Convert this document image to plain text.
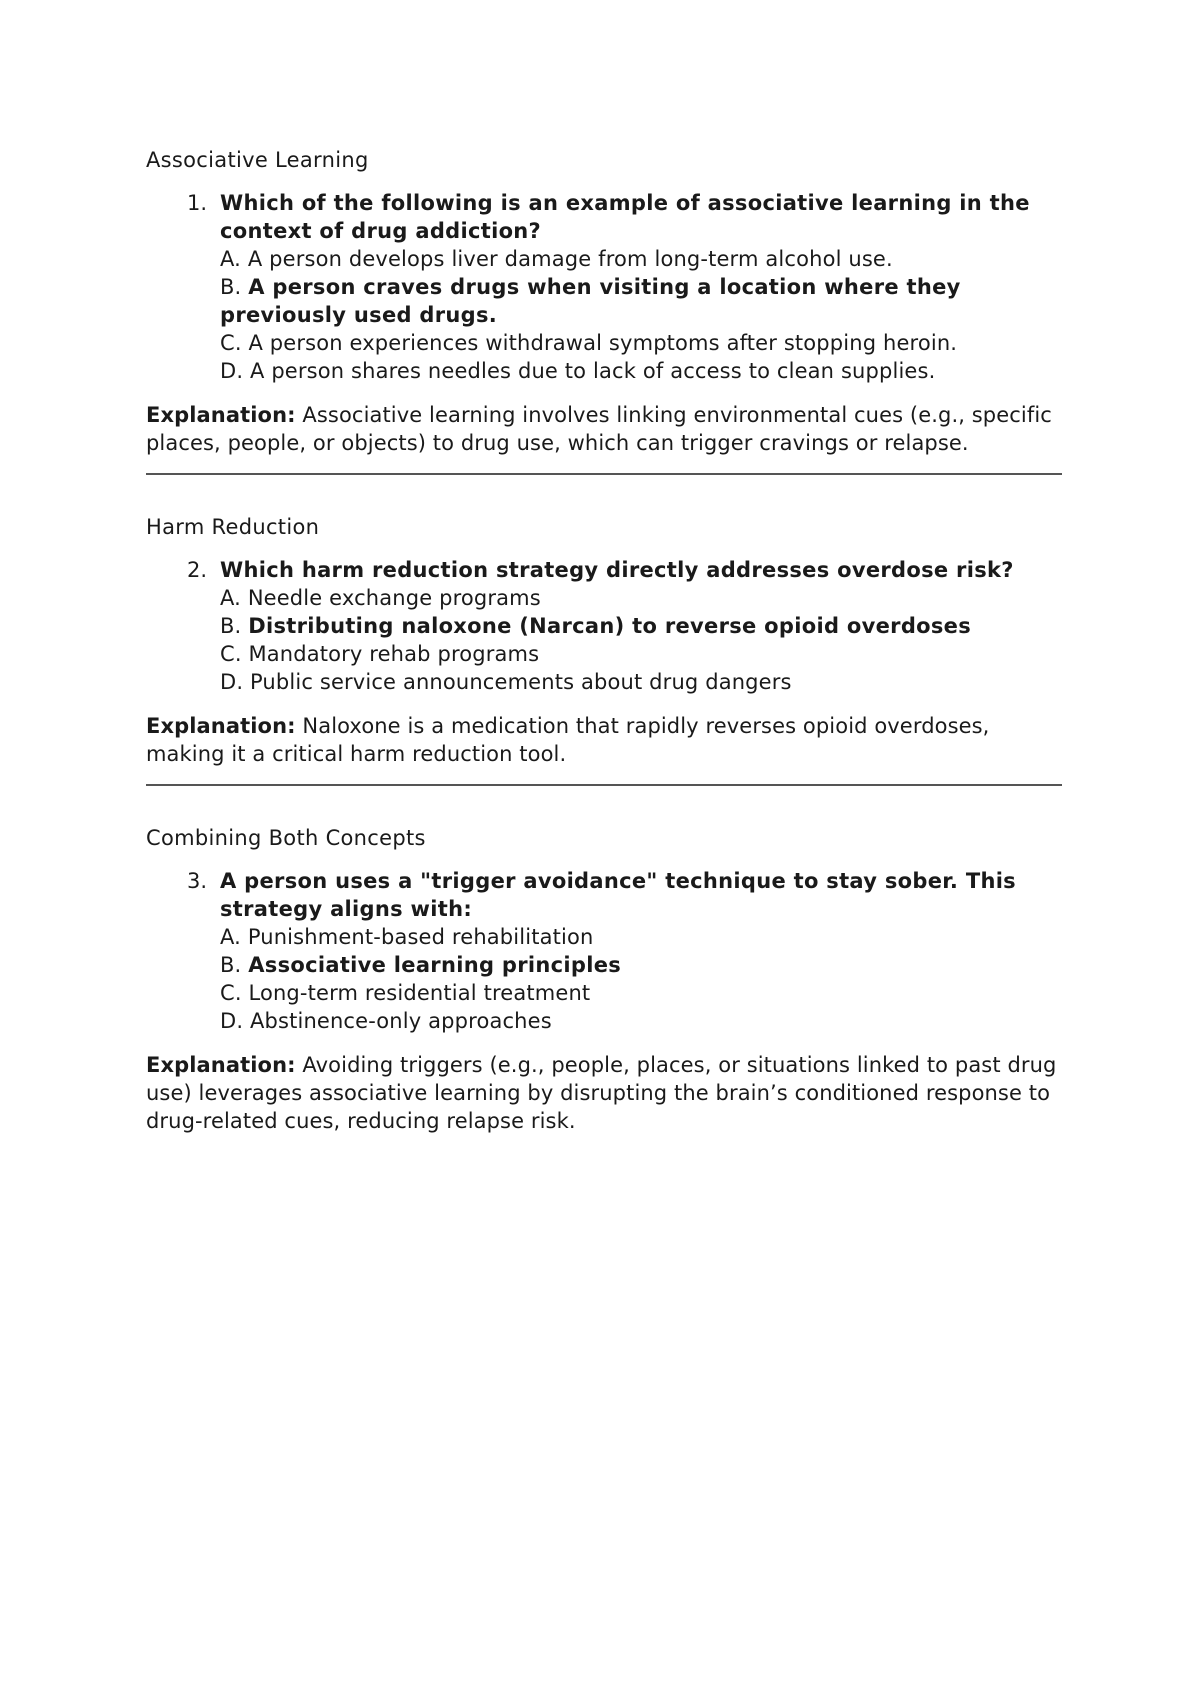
Associative Learning
1. Which of the following is an example of associative learning in the context of drug addiction?
A. A person develops liver damage from long-term alcohol use.
B. A person craves drugs when visiting a location where they previously used drugs.
C. A person experiences withdrawal symptoms after stopping heroin.
D. A person shares needles due to lack of access to clean supplies.
Explanation: Associative learning involves linking environmental cues (e.g., specific places, people, or objects) to drug use, which can trigger cravings or relapse.
Harm Reduction
2. Which harm reduction strategy directly addresses overdose risk?
A. Needle exchange programs
B. Distributing naloxone (Narcan) to reverse opioid overdoses
C. Mandatory rehab programs
D. Public service announcements about drug dangers
Explanation: Naloxone is a medication that rapidly reverses opioid overdoses, making it a critical harm reduction tool.
Combining Both Concepts
3. A person uses a "trigger avoidance" technique to stay sober. This strategy aligns with:
A. Punishment-based rehabilitation
B. Associative learning principles
C. Long-term residential treatment
D. Abstinence-only approaches
Explanation: Avoiding triggers (e.g., people, places, or situations linked to past drug use) leverages associative learning by disrupting the brain’s conditioned response to drug-related cues, reducing relapse risk.
